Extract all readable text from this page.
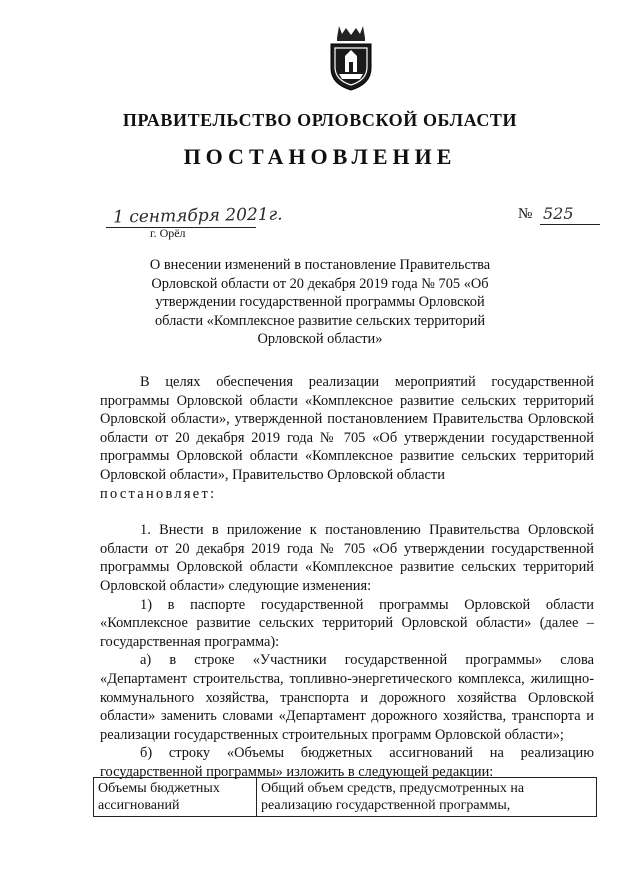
ПРАВИТЕЛЬСТВО ОРЛОВСКОЙ ОБЛАСТИ
ПОСТАНОВЛЕНИЕ
1 сентября 2021г.
г. Орёл
№ 525
О внесении изменений в постановление Правительства Орловской области от 20 декабря 2019 года № 705 «Об утверждении государственной программы Орловской области «Комплексное развитие сельских территорий Орловской области»

В целях обеспечения реализации мероприятий государственной программы Орловской области «Комплексное развитие сельских территорий Орловской области», утвержденной постановлением Правительства Орловской области от 20 декабря 2019 года № 705 «Об утверждении государственной программы Орловской области «Комплексное развитие сельских территорий Орловской области», Правительство Орловской области
постановляет:

1. Внести в приложение к постановлению Правительства Орловской области от 20 декабря 2019 года № 705 «Об утверждении государственной программы Орловской области «Комплексное развитие сельских территорий Орловской области» следующие изменения:

1) в паспорте государственной программы Орловской области «Комплексное развитие сельских территорий Орловской области» (далее – государственная программа):

а) в строке «Участники государственной программы» слова «Департамент строительства, топливно-энергетического комплекса, жилищно-коммунального хозяйства, транспорта и дорожного хозяйства Орловской области» заменить словами «Департамент дорожного хозяйства, транспорта и реализации государственных строительных программ Орловской области»;

б) строку «Объемы бюджетных ассигнований на реализацию государственной программы» изложить в следующей редакции:

Объемы бюджетных ассигнований	Общий объем средств, предусмотренных на реализацию государственной программы,
